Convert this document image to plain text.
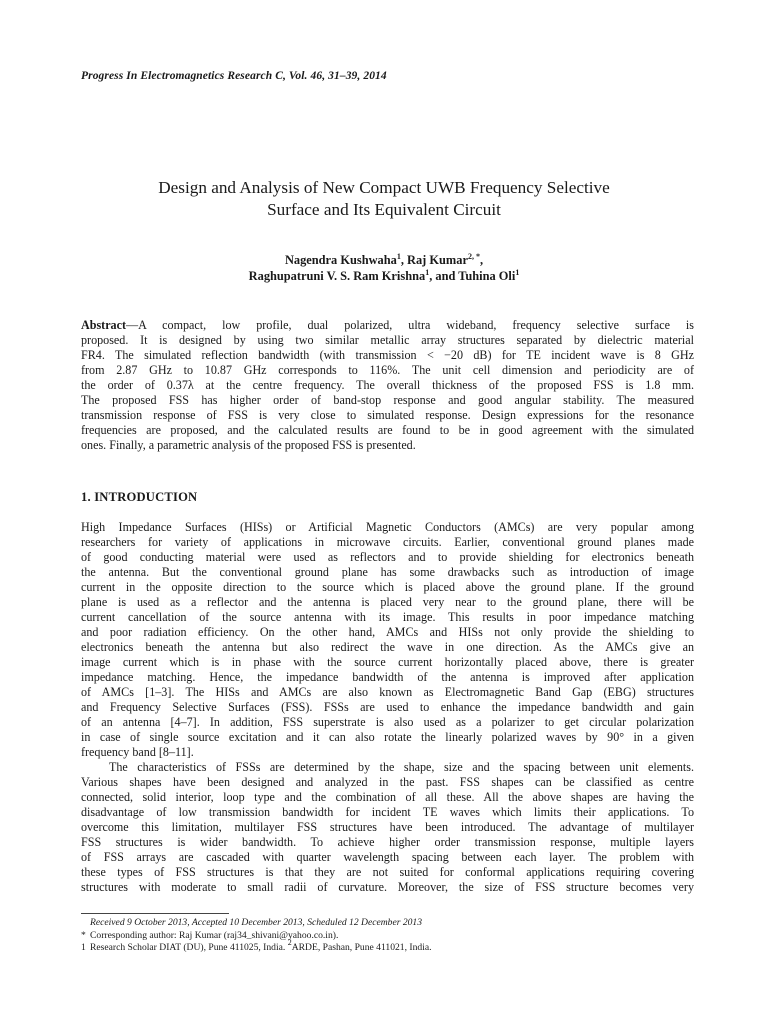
Progress In Electromagnetics Research C, Vol. 46, 31–39, 2014
Design and Analysis of New Compact UWB Frequency Selective
Surface and Its Equivalent Circuit
Nagendra Kushwaha$^1$, Raj Kumar$^{2, *}$,
Raghupatruni V. S. Ram Krishna$^1$, and Tuhina Oli$^1$
Abstract—A compact, low profile, dual polarized, ultra wideband, frequency selective surface is
proposed. It is designed by using two similar metallic array structures separated by dielectric material
FR4. The simulated reflection bandwidth (with transmission < −20 dB) for TE incident wave is 8 GHz
from 2.87 GHz to 10.87 GHz corresponds to 116%. The unit cell dimension and periodicity are of
the order of 0.37λ at the centre frequency. The overall thickness of the proposed FSS is 1.8 mm.
The proposed FSS has higher order of band-stop response and good angular stability. The measured
transmission response of FSS is very close to simulated response. Design expressions for the resonance
frequencies are proposed, and the calculated results are found to be in good agreement with the simulated
ones. Finally, a parametric analysis of the proposed FSS is presented.
1. INTRODUCTION
High Impedance Surfaces (HISs) or Artificial Magnetic Conductors (AMCs) are very popular among
researchers for variety of applications in microwave circuits. Earlier, conventional ground planes made
of good conducting material were used as reflectors and to provide shielding for electronics beneath
the antenna. But the conventional ground plane has some drawbacks such as introduction of image
current in the opposite direction to the source which is placed above the ground plane. If the ground
plane is used as a reflector and the antenna is placed very near to the ground plane, there will be
current cancellation of the source antenna with its image. This results in poor impedance matching
and poor radiation efficiency. On the other hand, AMCs and HISs not only provide the shielding to
electronics beneath the antenna but also redirect the wave in one direction. As the AMCs give an
image current which is in phase with the source current horizontally placed above, there is greater
impedance matching. Hence, the impedance bandwidth of the antenna is improved after application
of AMCs [1–3]. The HISs and AMCs are also known as Electromagnetic Band Gap (EBG) structures
and Frequency Selective Surfaces (FSS). FSSs are used to enhance the impedance bandwidth and gain
of an antenna [4–7]. In addition, FSS superstrate is also used as a polarizer to get circular polarization
in case of single source excitation and it can also rotate the linearly polarized waves by 90° in a given
frequency band [8–11].
The characteristics of FSSs are determined by the shape, size and the spacing between unit elements.
Various shapes have been designed and analyzed in the past. FSS shapes can be classified as centre
connected, solid interior, loop type and the combination of all these. All the above shapes are having the
disadvantage of low transmission bandwidth for incident TE waves which limits their applications. To
overcome this limitation, multilayer FSS structures have been introduced. The advantage of multilayer
FSS structures is wider bandwidth. To achieve higher order transmission response, multiple layers
of FSS arrays are cascaded with quarter wavelength spacing between each layer. The problem with
these types of FSS structures is that they are not suited for conformal applications requiring covering
structures with moderate to small radii of curvature. Moreover, the size of FSS structure becomes very
Received 9 October 2013, Accepted 10 December 2013, Scheduled 12 December 2013
* Corresponding author: Raj Kumar (raj34_shivani@yahoo.co.in).
1 Research Scholar DIAT (DU), Pune 411025, India. $^2$ARDE, Pashan, Pune 411021, India.
